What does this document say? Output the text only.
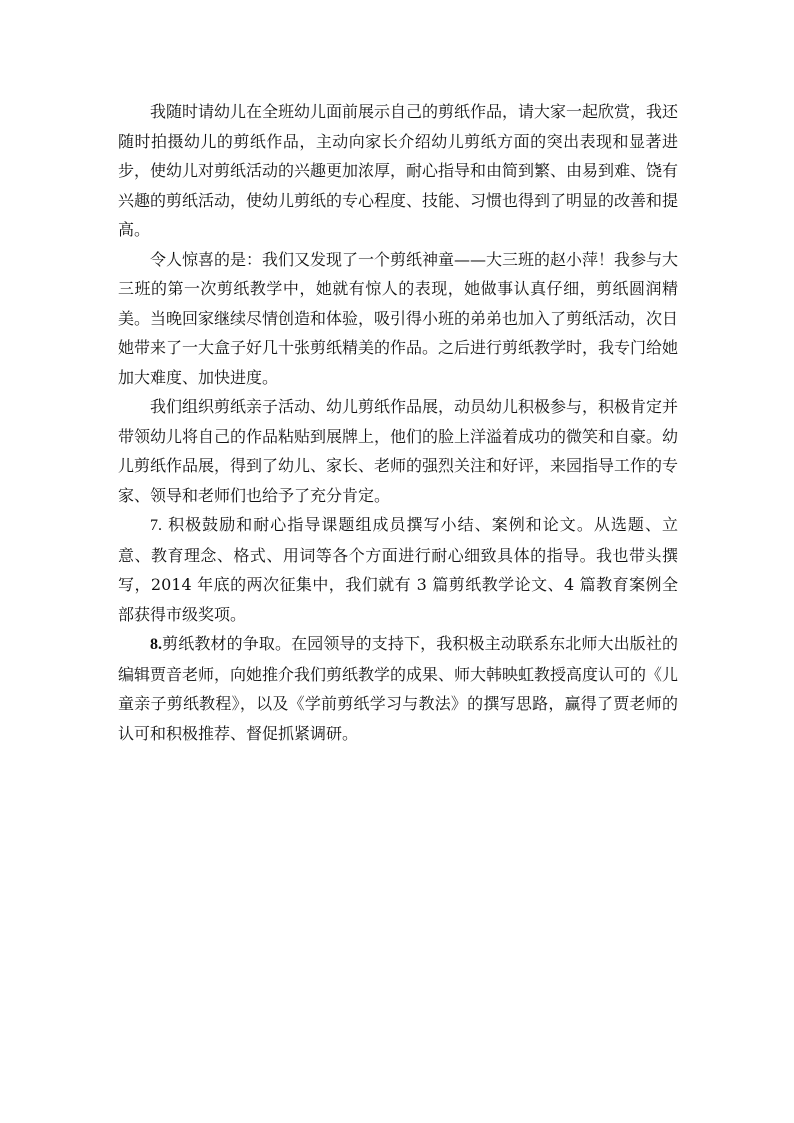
我随时请幼儿在全班幼儿面前展示自己的剪纸作品，请大家一起欣赏，我还随时拍摄幼儿的剪纸作品，主动向家长介绍幼儿剪纸方面的突出表现和显著进步，使幼儿对剪纸活动的兴趣更加浓厚，耐心指导和由简到繁、由易到难、饶有兴趣的剪纸活动，使幼儿剪纸的专心程度、技能、习惯也得到了明显的改善和提高。

令人惊喜的是：我们又发现了一个剪纸神童——大三班的赵小萍！我参与大三班的第一次剪纸教学中，她就有惊人的表现，她做事认真仔细，剪纸圆润精美。当晚回家继续尽情创造和体验，吸引得小班的弟弟也加入了剪纸活动，次日她带来了一大盒子好几十张剪纸精美的作品。之后进行剪纸教学时，我专门给她加大难度、加快进度。

我们组织剪纸亲子活动、幼儿剪纸作品展，动员幼儿积极参与，积极肯定并带领幼儿将自己的作品粘贴到展牌上，他们的脸上洋溢着成功的微笑和自豪。幼儿剪纸作品展，得到了幼儿、家长、老师的强烈关注和好评，来园指导工作的专家、领导和老师们也给予了充分肯定。

7. 积极鼓励和耐心指导课题组成员撰写小结、案例和论文。从选题、立意、教育理念、格式、用词等各个方面进行耐心细致具体的指导。我也带头撰写，2014 年底的两次征集中，我们就有 3 篇剪纸教学论文、4 篇教育案例全部获得市级奖项。

8.剪纸教材的争取。在园领导的支持下，我积极主动联系东北师大出版社的编辑贾音老师，向她推介我们剪纸教学的成果、师大韩映虹教授高度认可的《儿童亲子剪纸教程》，以及《学前剪纸学习与教法》的撰写思路，赢得了贾老师的认可和积极推荐、督促抓紧调研。
